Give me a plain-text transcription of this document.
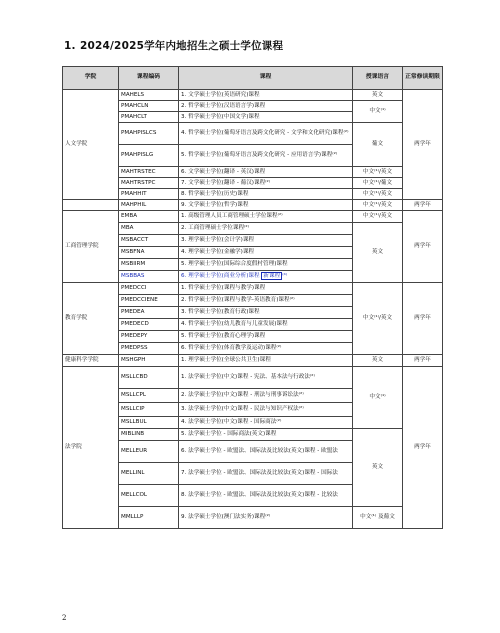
1. 2024/2025学年内地招生之硕士学位课程
学院	课程编码	课程	授课语言	正常修读期限
人文学院	MAHELS	1. 文学硕士学位(英语研究)课程	英文	两学年
	PMAHCLN	2. 哲学硕士学位(汉语语言学)课程	中文⁽¹⁾	
	PMAHCLT	3. 哲学硕士学位(中国文学)课程		
	PMAHPISLCS	4. 哲学硕士学位(葡萄牙语言及跨文化研究 - 文学和文化研究)课程⁽²⁾	葡文	
	PMAHPISLG	5. 哲学硕士学位(葡萄牙语言及跨文化研究 - 应用语言学)课程⁽²⁾		
	MAHTRSTEC	6. 文学硕士学位(翻译 - 英汉)课程	中文⁽¹⁾/英文	
	MAHTRSTPC	7. 文学硕士学位(翻译 - 葡汉)课程⁽²⁾	中文⁽¹⁾/葡文	
	PMAHHIT	8. 哲学硕士学位(历史)课程	中文⁽¹⁾/英文	
	MAHPHIL	9. 文学硕士学位(哲学)课程	中文⁽¹⁾/英文	两学年
工商管理学院	EMBA	1. 高级管理人员工商管理硕士学位课程⁽²⁾	中文⁽¹⁾/英文	两学年
	MBA	2. 工商管理硕士学位课程⁽²⁾	英文	
	MSBACCT	3. 理学硕士学位(会计学)课程		
	MSBFNA	4. 理学硕士学位(金融学)课程		
	MSBIIRM	5. 理学硕士学位(国际综合度假村管理)课程		
	MSBBAS	6. 理学硕士学位(商业分析)课程 新课程 ⁽⁴⁾		
教育学院	PMEDCCI	1. 哲学硕士学位(课程与教学)课程	中文⁽¹⁾/英文	两学年
	PMEDCCIENE	2. 哲学硕士学位(课程与教学-英语教育)课程⁽²⁾		
	PMEDEA	3. 哲学硕士学位(教育行政)课程		
	PMEDECD	4. 哲学硕士学位(幼儿教育与儿童发展)课程		
	PMEDEPY	5. 哲学硕士学位(教育心理学)课程		
	PMEDPSS	6. 哲学硕士学位(体育教学及运动)课程⁽²⁾		
健康科学学院	MSHGPH	1. 理学硕士学位(全球公共卫生)课程	英文	两学年
法学院	MSLLCBD	1. 法学硕士学位(中文)课程 - 宪法、基本法与行政法⁽²⁾	中文⁽¹⁾	两学年
	MSLLCPL	2. 法学硕士学位(中文)课程 - 刑法与刑事诉讼法⁽²⁾		
	MSLLCIP	3. 法学硕士学位(中文)课程 - 民法与知识产权法⁽²⁾		
	MSLLBUL	4. 法学硕士学位(中文)课程 - 国际商法⁽²⁾		
	MIBLINB	5. 法学硕士学位 - 国际商法(英文)课程	英文	
	MELLEUR	6. 法学硕士学位 - 欧盟法、国际法及比较法(英文)课程 - 欧盟法		
	MELLINL	7. 法学硕士学位 - 欧盟法、国际法及比较法(英文)课程 - 国际法		
	MELLCOL	8. 法学硕士学位 - 欧盟法、国际法及比较法(英文)课程 - 比较法		
	MMLLLP	9. 法学硕士学位(澳门法实务)课程⁽²⁾	中文⁽¹⁾ 及葡文	
2
